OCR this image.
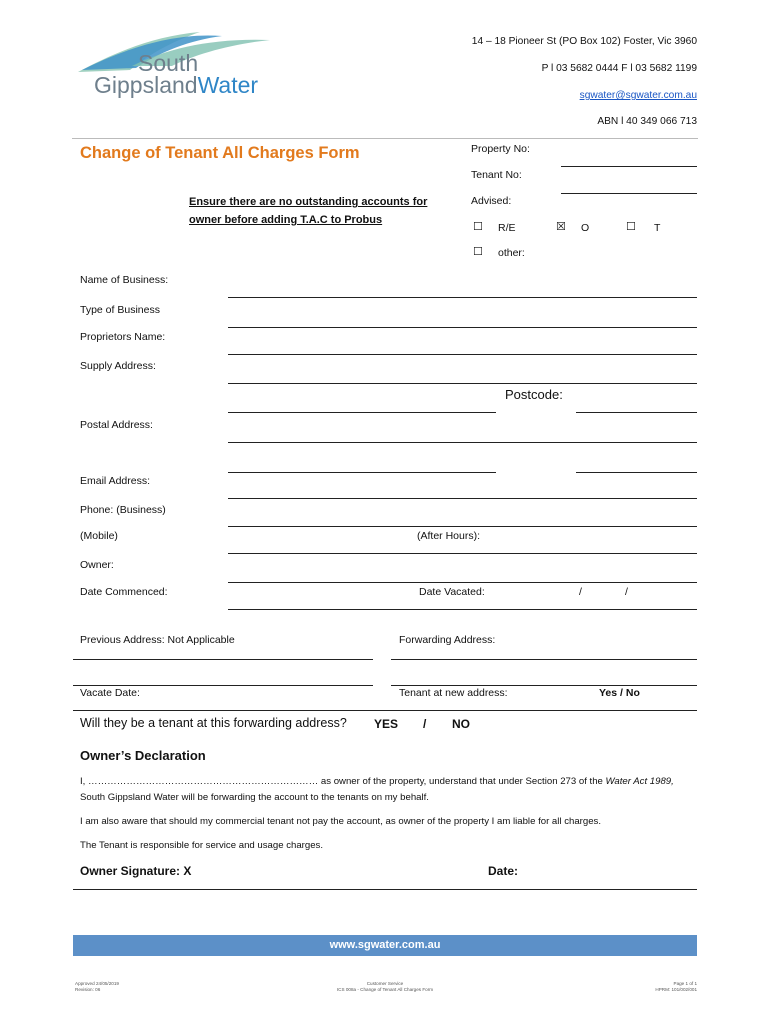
South
GippslandWater
14 – 18 Pioneer St (PO Box 102) Foster, Vic 3960
P l 03 5682 0444 F l 03 5682 1199
sgwater@sgwater.com.au
ABN l 40 349 066 713
Change of Tenant All Charges Form
Ensure there are no outstanding accounts for
owner before adding T.A.C to Probus
Property No:
Tenant No:
Advised:
☐ R/E	☒ O	☐ T
☐ other:
Name of Business:
Type of Business
Proprietors Name:
Supply Address:
Postcode:
Postal Address:
Email Address:
Phone: (Business)
(Mobile)	(After Hours):
Owner:
Date Commenced:	Date Vacated:	/	/
Previous Address: Not Applicable	Forwarding Address:
Vacate Date:	Tenant at new address:	Yes / No
Will they be a tenant at this forwarding address? YES / NO
Owner’s Declaration
I, ……………………………………………………………… as owner of the property, understand that under Section 273 of the Water Act 1989,
South Gippsland Water will be forwarding the account to the tenants on my behalf.
I am also aware that should my commercial tenant not pay the account, as owner of the property I am liable for all charges.
The Tenant is responsible for service and usage charges.
Owner Signature: X	Date:
www.sgwater.com.au
Approved 24/05/2019
Revision: 06
Customer Service
ICS 008a - Change of Tenant All Charges Form
Page 1 of 1
HPRM: 101/002/001
